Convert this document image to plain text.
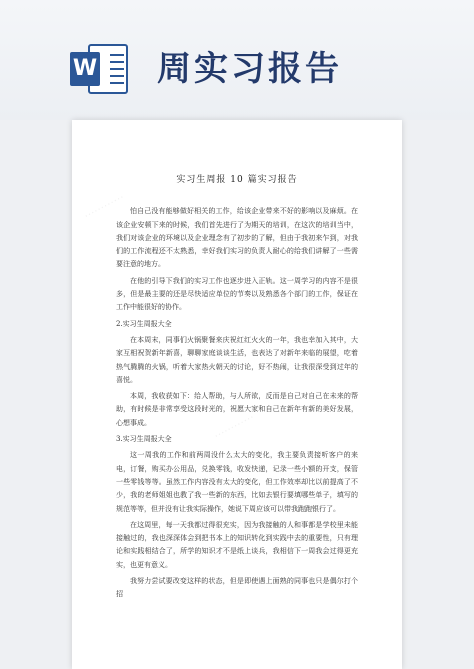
W 周实习报告
⋯⋯⋯⋯
⋯⋯⋯⋯
实习生周报 10 篇实习报告

怕自己没有能够做好相关的工作，给该企业带来不好的影响以及麻烦。在该企业安顿下来的时候，我们首先进行了为期天的培训，在这次的培训当中，我们对该企业的环境以及企业理念有了初步的了解，但由于我初来乍到，对我们的工作流程还不太熟悉，幸好我们实习的负责人耐心的给我们讲解了一些需要注意的地方。

在他的引导下我们的实习工作也逐步进入正轨。这一周学习的内容不是很多，但是最主要的还是尽快适应单位的节奏以及熟悉各个部门的工作，保证在工作中能很好的协作。

2.实习生周报大全

在本周末，同事们火锅聚餐来庆祝红红火火的一年，我也幸加入其中，大家互相祝贺新年新喜，聊聊家庭谈谈生活，也表达了对新年来临的展望，吃着热气腾腾的火锅，听着大家热火朝天的讨论，好不热闹，让我很深受到过年的喜悦。

本周，我收获如下：给人帮助，与人所欲，反而是自己对自己在未来的帮助，有时候是非常享受这段时光的，祝愿大家和自己在新年有新的美好发展，心想事成。

3.实习生周报大全

这一周我的工作和前两周没什么太大的变化，我主要负责接听客户的来电，订餐，购买办公用品，兑换零钱，收发快递，记录一些小额的开支，保管一些零钱等等。虽然工作内容没有太大的变化，但工作效率却比以前提高了不少，我的老师姐姐也教了我一些新的东西，比如去银行要填哪些单子，填写的规范等等，但并没有让我实际操作，她说下周应该可以带我跑跑银行了。

在这周里，每一天我都过得很充实，因为我接触的人和事都是学校里未能接触过的，我也深深体会到把书本上的知识转化到实践中去的重要性，只有理论和实践相结合了，所学的知识才不是纸上谈兵，我相信下一周我会过得更充实，也更有意义。

我努力尝试要改变这样的状态，但是即使遇上面熟的同事也只是偶尔打个招
